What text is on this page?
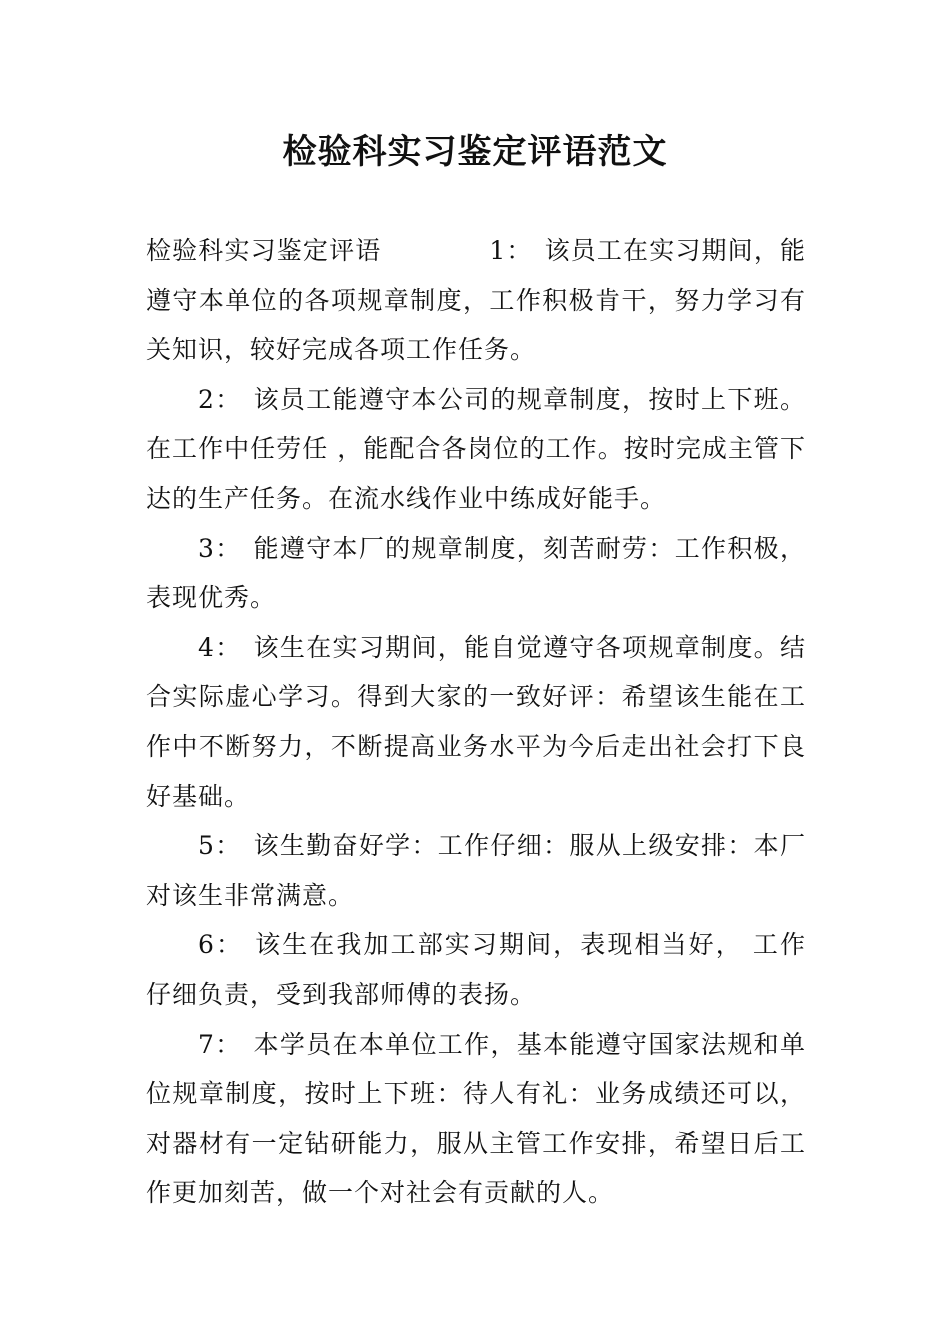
检验科实习鉴定评语范文

检验科实习鉴定评语	1： 该员工在实习期间，能遵守本单位的各项规章制度，工作积极肯干，努力学习有关知识，较好完成各项工作任务。

2： 该员工能遵守本公司的规章制度，按时上下班。在工作中任劳任 ，能配合各岗位的工作。按时完成主管下达的生产任务。在流水线作业中练成好能手。

3： 能遵守本厂的规章制度，刻苦耐劳：工作积极，表现优秀。

4： 该生在实习期间，能自觉遵守各项规章制度。结合实际虚心学习。得到大家的一致好评：希望该生能在工作中不断努力，不断提高业务水平为今后走出社会打下良好基础。

5： 该生勤奋好学：工作仔细：服从上级安排：本厂对该生非常满意。

6： 该生在我加工部实习期间，表现相当好， 工作仔细负责，受到我部师傅的表扬。

7： 本学员在本单位工作，基本能遵守国家法规和单位规章制度，按时上下班：待人有礼：业务成绩还可以，对器材有一定钻研能力，服从主管工作安排，希望日后工作更加刻苦，做一个对社会有贡献的人。
